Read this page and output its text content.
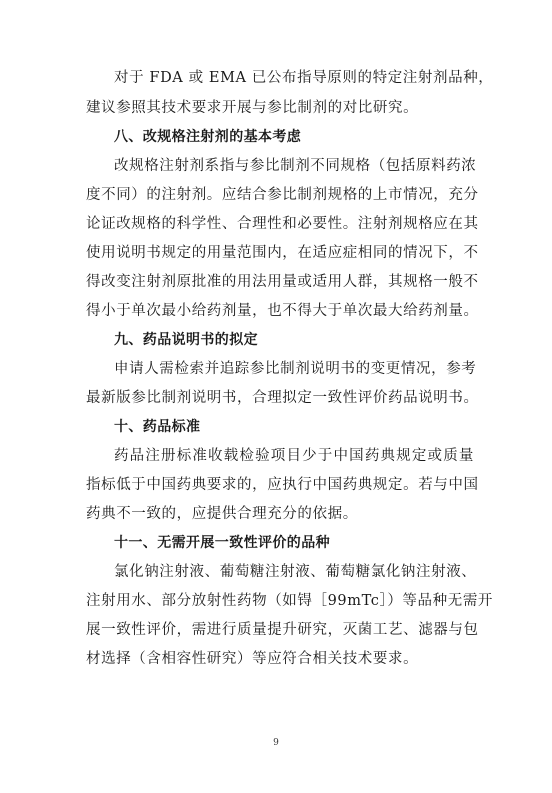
对于 FDA 或 EMA 已公布指导原则的特定注射剂品种，
建议参照其技术要求开展与参比制剂的对比研究。
八、改规格注射剂的基本考虑
改规格注射剂系指与参比制剂不同规格（包括原料药浓
度不同）的注射剂。应结合参比制剂规格的上市情况，充分
论证改规格的科学性、合理性和必要性。注射剂规格应在其
使用说明书规定的用量范围内，在适应症相同的情况下，不
得改变注射剂原批准的用法用量或适用人群，其规格一般不
得小于单次最小给药剂量，也不得大于单次最大给药剂量。
九、药品说明书的拟定
申请人需检索并追踪参比制剂说明书的变更情况，参考
最新版参比制剂说明书，合理拟定一致性评价药品说明书。
十、药品标准
药品注册标准收载检验项目少于中国药典规定或质量
指标低于中国药典要求的，应执行中国药典规定。若与中国
药典不一致的，应提供合理充分的依据。
十一、无需开展一致性评价的品种
氯化钠注射液、葡萄糖注射液、葡萄糖氯化钠注射液、
注射用水、部分放射性药物（如锝［99mTc］）等品种无需开
展一致性评价，需进行质量提升研究，灭菌工艺、滤器与包
材选择（含相容性研究）等应符合相关技术要求。
9
